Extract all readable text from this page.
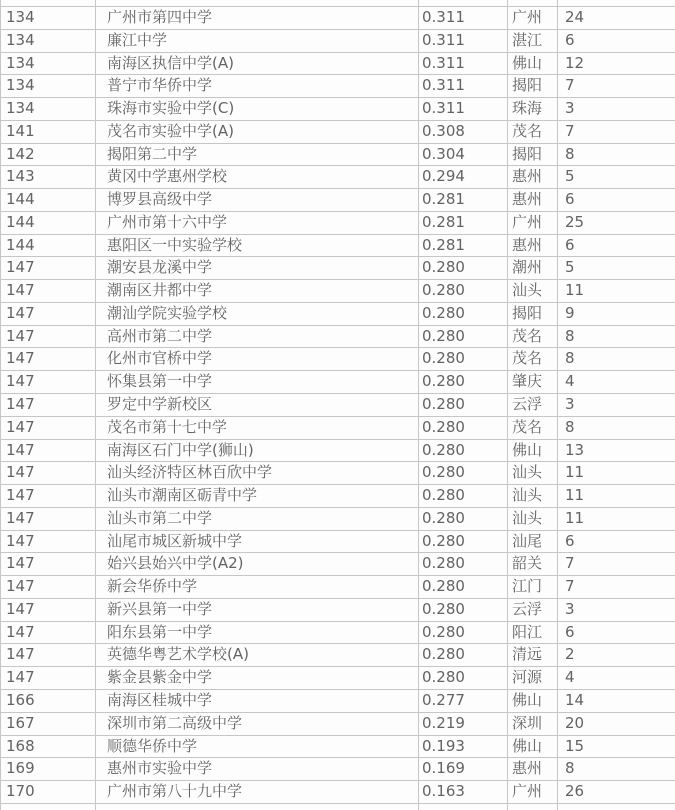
134	广州市第四中学	0.311	广州	24
134	廉江中学	0.311	湛江	6
134	南海区执信中学(A)	0.311	佛山	12
134	普宁市华侨中学	0.311	揭阳	7
134	珠海市实验中学(C)	0.311	珠海	3
141	茂名市实验中学(A)	0.308	茂名	7
142	揭阳第二中学	0.304	揭阳	8
143	黄冈中学惠州学校	0.294	惠州	5
144	博罗县高级中学	0.281	惠州	6
144	广州市第十六中学	0.281	广州	25
144	惠阳区一中实验学校	0.281	惠州	6
147	潮安县龙溪中学	0.280	潮州	5
147	潮南区井都中学	0.280	汕头	11
147	潮汕学院实验学校	0.280	揭阳	9
147	高州市第二中学	0.280	茂名	8
147	化州市官桥中学	0.280	茂名	8
147	怀集县第一中学	0.280	肇庆	4
147	罗定中学新校区	0.280	云浮	3
147	茂名市第十七中学	0.280	茂名	8
147	南海区石门中学(狮山)	0.280	佛山	13
147	汕头经济特区林百欣中学	0.280	汕头	11
147	汕头市潮南区砺青中学	0.280	汕头	11
147	汕头市第二中学	0.280	汕头	11
147	汕尾市城区新城中学	0.280	汕尾	6
147	始兴县始兴中学(A2)	0.280	韶关	7
147	新会华侨中学	0.280	江门	7
147	新兴县第一中学	0.280	云浮	3
147	阳东县第一中学	0.280	阳江	6
147	英德华粤艺术学校(A)	0.280	清远	2
147	紫金县紫金中学	0.280	河源	4
166	南海区桂城中学	0.277	佛山	14
167	深圳市第二高级中学	0.219	深圳	20
168	顺德华侨中学	0.193	佛山	15
169	惠州市实验中学	0.169	惠州	8
170	广州市第八十九中学	0.163	广州	26
